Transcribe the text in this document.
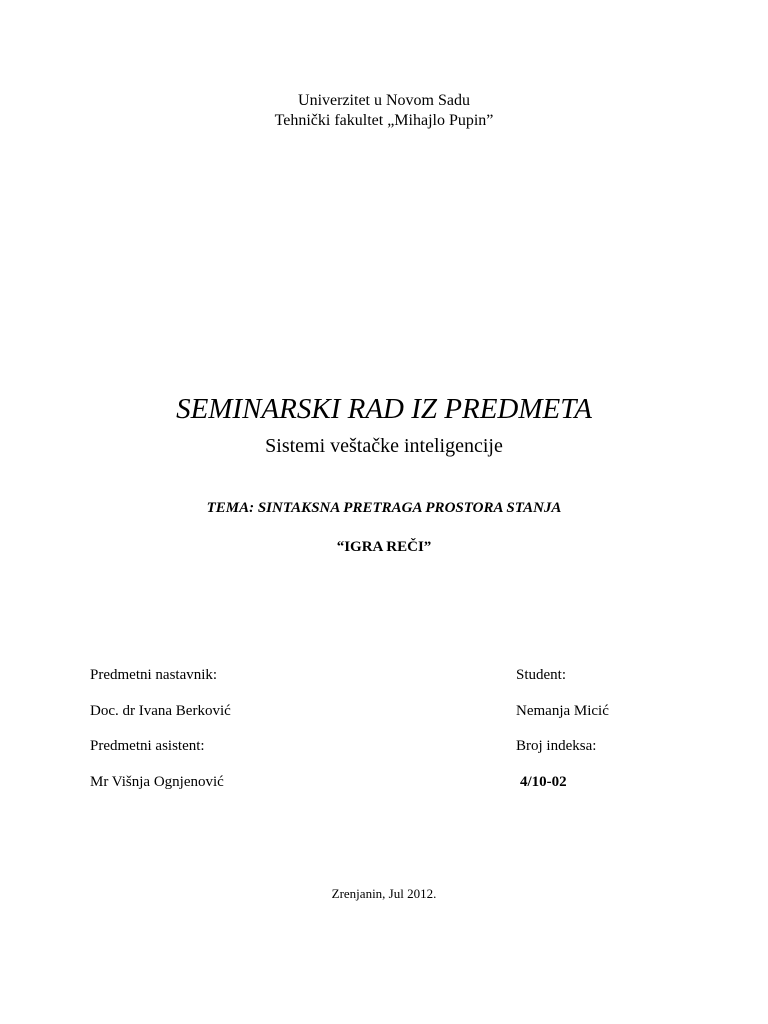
Univerzitet u Novom Sadu
Tehnički fakultet „Mihajlo Pupin”
SEMINARSKI RAD IZ PREDMETA
Sistemi veštačke inteligencije
TEMA: SINTAKSNA PRETRAGA PROSTORA STANJA
“IGRA REČI”
Predmetni nastavnik:	Student:
Doc. dr Ivana Berković	Nemanja Micić
Predmetni asistent:	Broj indeksa:
Mr Višnja Ognjenović	4/10-02
Zrenjanin, Jul 2012.
